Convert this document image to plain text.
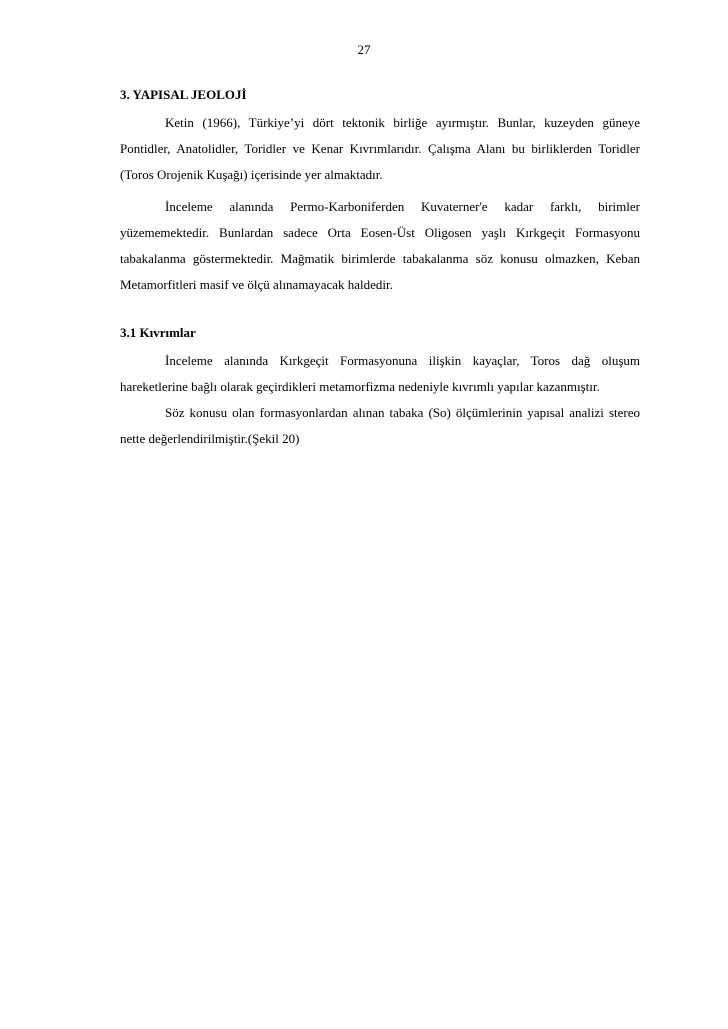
27
3. YAPISAL JEOLOJİ

Ketin (1966), Türkiye’yi dört tektonik birliğe ayırmıştır. Bunlar, kuzeyden güneye Pontidler, Anatolidler, Toridler ve Kenar Kıvrımlarıdır. Çalışma Alanı bu birliklerden Toridler (Toros Orojenik Kuşağı) içerisinde yer almaktadır.

İnceleme alanında Permo-Karboniferden Kuvaterner'e kadar farklı, birimler yüzememektedir. Bunlardan sadece Orta Eosen-Üst Oligosen yaşlı Kırkgeçit Formasyonu tabakalanma göstermektedir. Mağmatik birimlerde tabakalanma söz konusu olmazken, Keban Metamorfitleri masif ve ölçü alınamayacak haldedir.

3.1 Kıvrımlar

İnceleme alanında Kırkgeçit Formasyonuna ilişkin kayaçlar, Toros dağ oluşum hareketlerine bağlı olarak geçirdikleri metamorfizma nedeniyle kıvrımlı yapılar kazanmıştır.

Söz konusu olan formasyonlardan alınan tabaka (So) ölçümlerinin yapısal analizi stereo nette değerlendirilmiştir.(Şekil 20)
